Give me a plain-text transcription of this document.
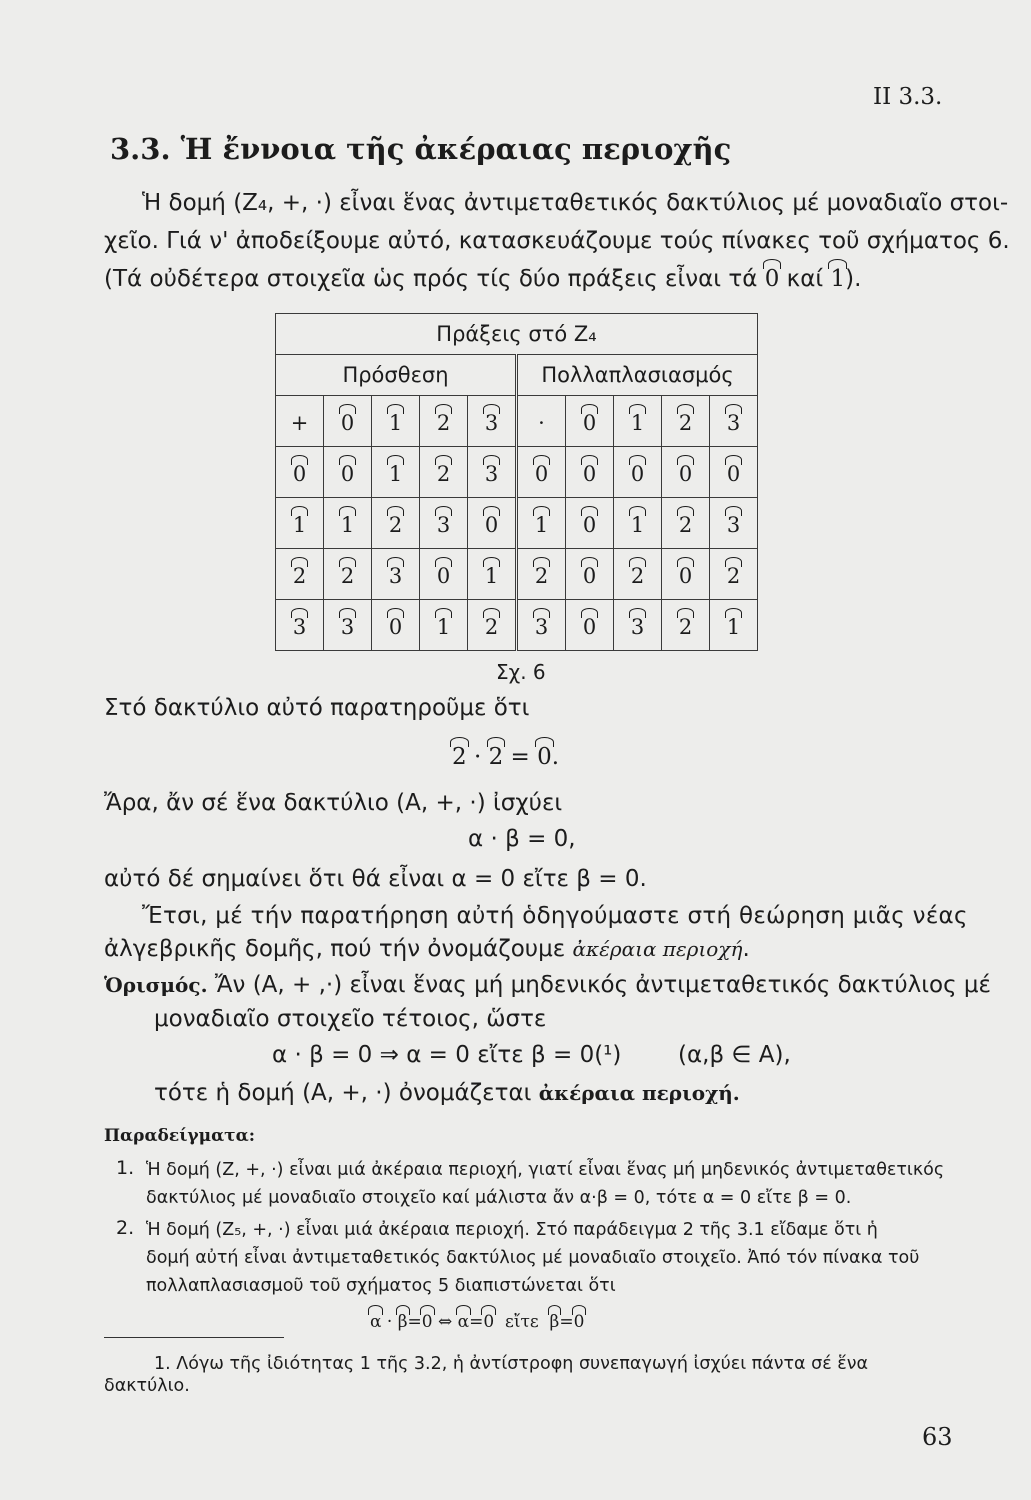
II 3.3.
3.3. Ἡ ἔννοια τῆς ἀκέραιας περιοχῆς
Ἡ δομή (Z₄, +, ·) εἶναι ἕνας ἀντιμεταθετικός δακτύλιος μέ μοναδιαῖο στοι-
χεῖο. Γιά ν' ἀποδείξουμε αὐτό, κατασκευάζουμε τούς πίνακες τοῦ σχήματος 6.
(Τά οὐδέτερα στοιχεῖα ὡς πρός τίς δύο πράξεις εἶναι τά 0 καί 1).
Πράξεις στό Z₄									
Πρόσθεση					Πολλαπλασιασμός				
+	0	1	2	3	·	0	1	2	3
0	0	1	2	3	0	0	0	0	0
1	1	2	3	0	1	0	1	2	3
2	2	3	0	1	2	0	2	0	2
3	3	0	1	2	3	0	3	2	1
Σχ. 6
Στό δακτύλιο αὐτό παρατηροῦμε ὅτι
2 · 2 = 0.
Ἄρα, ἄν σέ ἕνα δακτύλιο (A, +, ·) ἰσχύει
α · β = 0,
αὐτό δέ σημαίνει ὅτι θά εἶναι α = 0 εἴτε β = 0.
Ἔτσι, μέ τήν παρατήρηση αὐτή ὁδηγούμαστε στή θεώρηση μιᾶς νέας
ἀλγεβρικῆς δομῆς, πού τήν ὀνομάζουμε ἀκέραια περιοχή.
Ὁρισμός. Ἄν (A, + ,·) εἶναι ἕνας μή μηδενικός ἀντιμεταθετικός δακτύλιος μέ
μοναδιαῖο στοιχεῖο τέτοιος, ὥστε
α · β = 0 ⇒ α = 0 εἴτε β = 0(¹) (α,β ∈ A),
τότε ἡ δομή (A, +, ·) ὀνομάζεται ἀκέραια περιοχή.
Παραδείγματα:
1. Ἡ δομή (Z, +, ·) εἶναι μιά ἀκέραια περιοχή, γιατί εἶναι ἕνας μή μηδενικός ἀντιμεταθετικός
δακτύλιος μέ μοναδιαῖο στοιχεῖο καί μάλιστα ἄν α·β = 0, τότε α = 0 εἴτε β = 0.
2. Ἡ δομή (Z₅, +, ·) εἶναι μιά ἀκέραια περιοχή. Στό παράδειγμα 2 τῆς 3.1 εἴδαμε ὅτι ἡ
δομή αὐτή εἶναι ἀντιμεταθετικός δακτύλιος μέ μοναδιαῖο στοιχεῖο. Ἀπό τόν πίνακα τοῦ
πολλαπλασιασμοῦ τοῦ σχήματος 5 διαπιστώνεται ὅτι
α · β=0 ⇔ α=0 εἴτε β=0
1. Λόγω τῆς ἰδιότητας 1 τῆς 3.2, ἡ ἀντίστροφη συνεπαγωγή ἰσχύει πάντα σέ ἕνα
δακτύλιο.
63
